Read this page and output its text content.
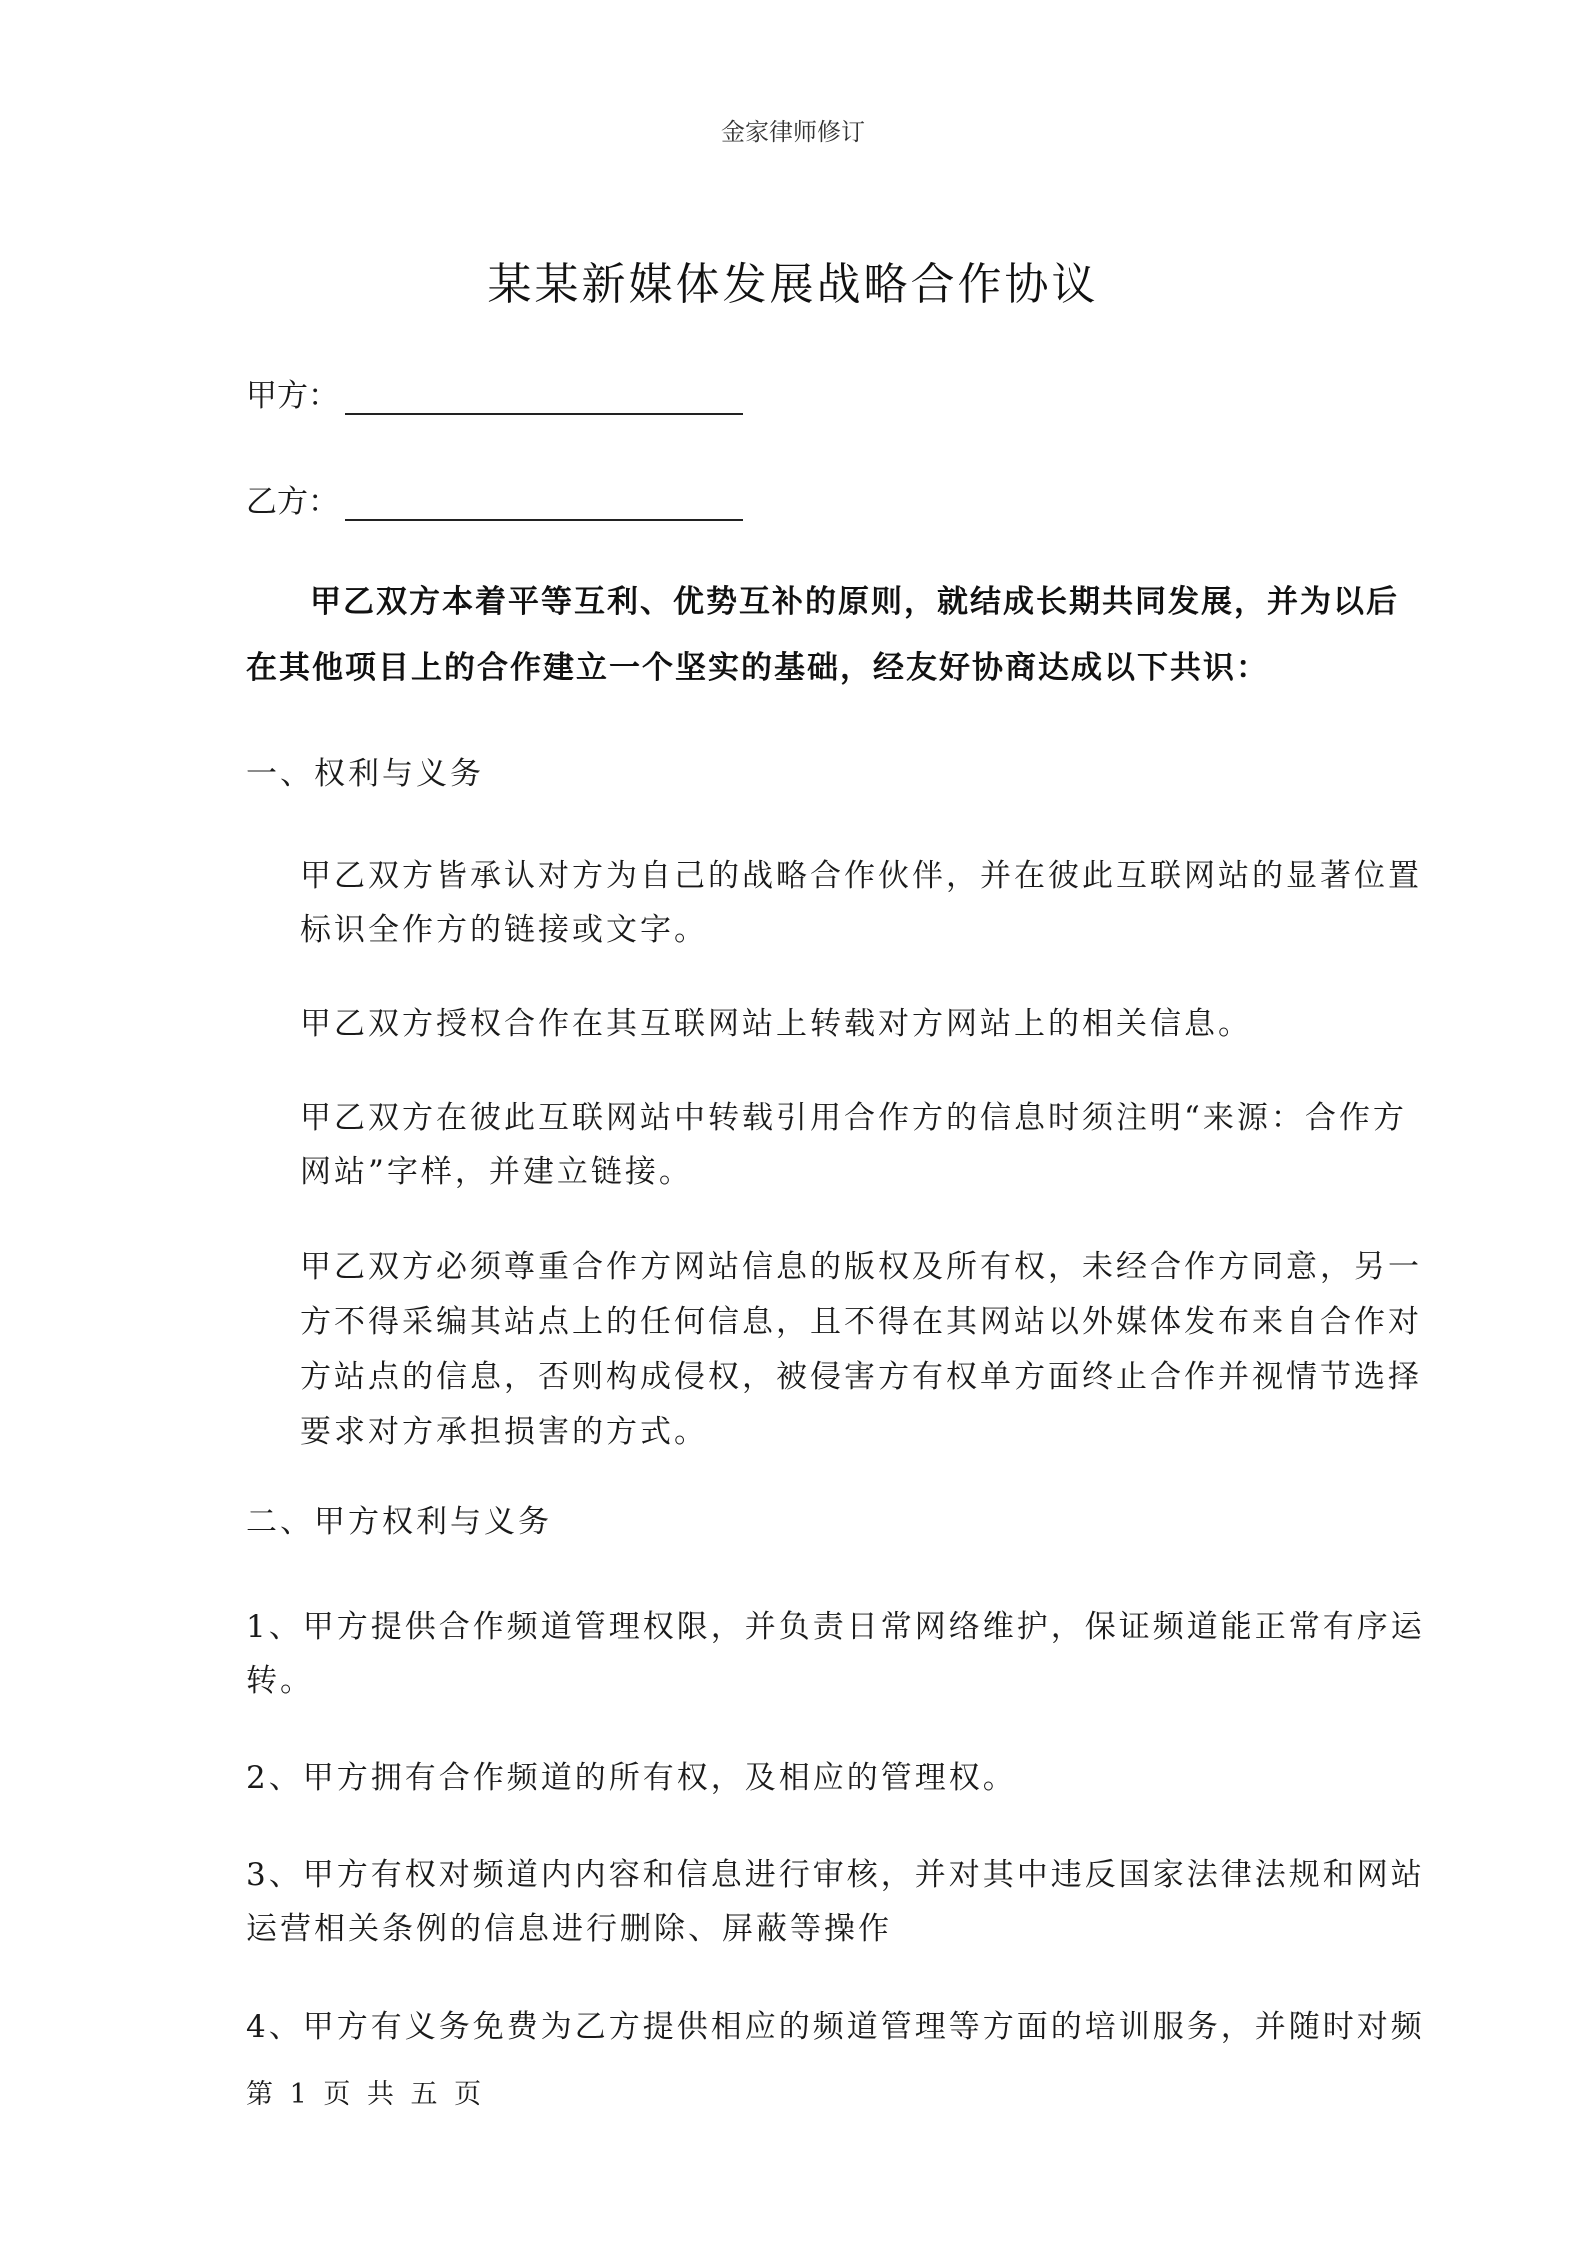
金家律师修订
某某新媒体发展战略合作协议
甲方：
乙方：
甲乙双方本着平等互利、优势互补的原则，就结成长期共同发展，并为以后
在其他项目上的合作建立一个坚实的基础，经友好协商达成以下共识：
一、权利与义务
甲乙双方皆承认对方为自己的战略合作伙伴，并在彼此互联网站的显著位置
标识全作方的链接或文字。
甲乙双方授权合作在其互联网站上转载对方网站上的相关信息。
甲乙双方在彼此互联网站中转载引用合作方的信息时须注明“来源：合作方
网站”字样，并建立链接。
甲乙双方必须尊重合作方网站信息的版权及所有权，未经合作方同意，另一
方不得采编其站点上的任何信息，且不得在其网站以外媒体发布来自合作对
方站点的信息，否则构成侵权，被侵害方有权单方面终止合作并视情节选择
要求对方承担损害的方式。
二、甲方权利与义务
1、甲方提供合作频道管理权限，并负责日常网络维护，保证频道能正常有序运
转。
2、甲方拥有合作频道的所有权，及相应的管理权。
3、甲方有权对频道内内容和信息进行审核，并对其中违反国家法律法规和网站
运营相关条例的信息进行删除、屏蔽等操作
4、甲方有义务免费为乙方提供相应的频道管理等方面的培训服务，并随时对频
第 1 页 共 五 页
